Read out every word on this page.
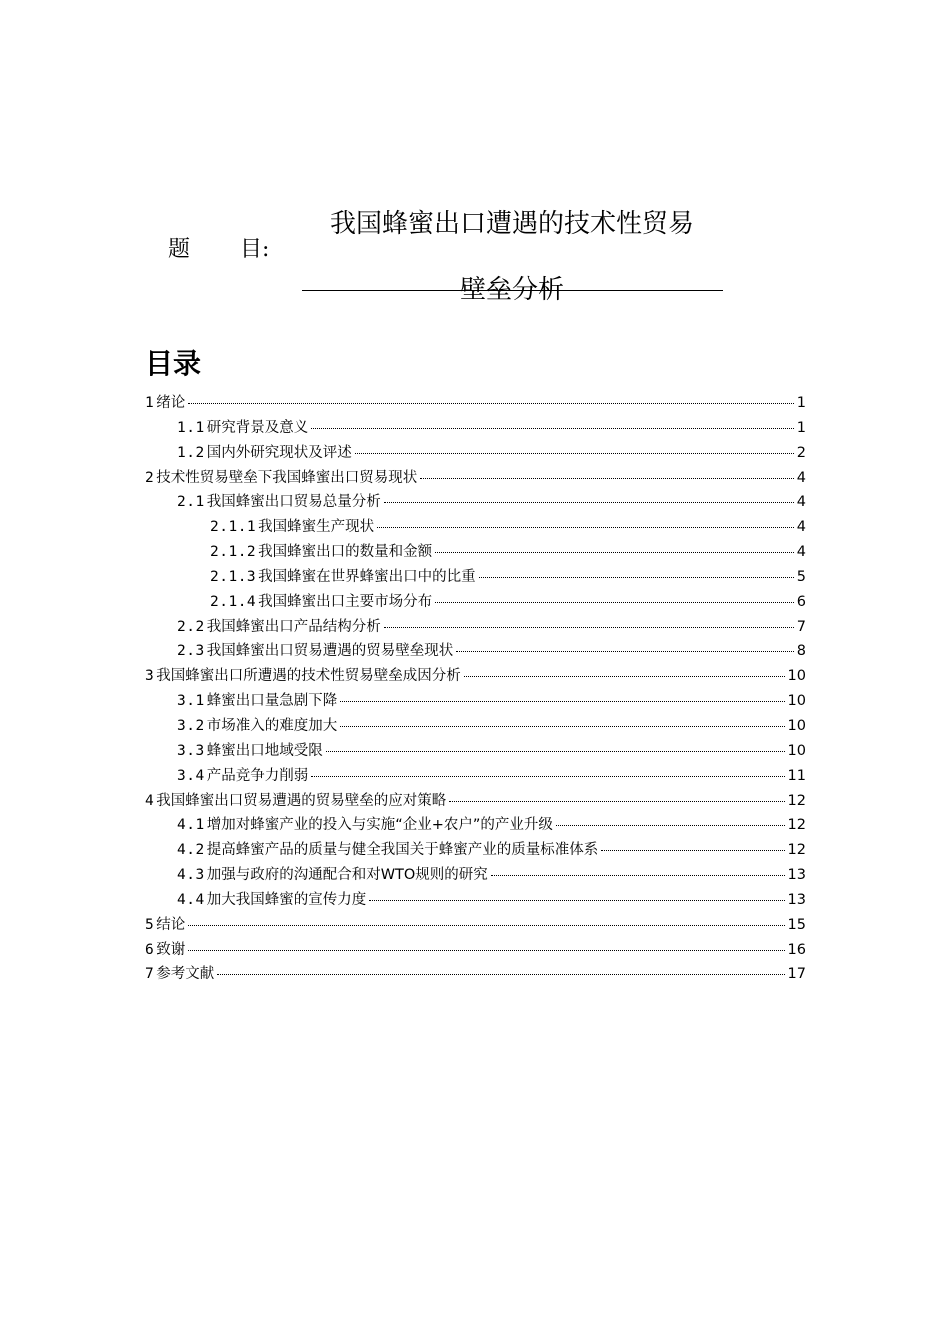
题 目:
我国蜂蜜出口遭遇的技术性贸易
壁垒分析
目录
1 绪论	1
1.1 研究背景及意义	1
1.2 国内外研究现状及评述	2
2 技术性贸易壁垒下我国蜂蜜出口贸易现状	4
2.1 我国蜂蜜出口贸易总量分析	4
2.1.1 我国蜂蜜生产现状	4
2.1.2 我国蜂蜜出口的数量和金额	4
2.1.3 我国蜂蜜在世界蜂蜜出口中的比重	5
2.1.4 我国蜂蜜出口主要市场分布	6
2.2 我国蜂蜜出口产品结构分析	7
2.3 我国蜂蜜出口贸易遭遇的贸易壁垒现状	8
3 我国蜂蜜出口所遭遇的技术性贸易壁垒成因分析	10
3.1 蜂蜜出口量急剧下降	10
3.2 市场准入的难度加大	10
3.3 蜂蜜出口地域受限	10
3.4 产品竞争力削弱	11
4 我国蜂蜜出口贸易遭遇的贸易壁垒的应对策略	12
4.1 增加对蜂蜜产业的投入与实施“企业+农户”的产业升级	12
4.2 提高蜂蜜产品的质量与健全我国关于蜂蜜产业的质量标准体系	12
4.3 加强与政府的沟通配合和对WTO规则的研究	13
4.4 加大我国蜂蜜的宣传力度	13
5 结论	15
6 致谢	16
7 参考文献	17
